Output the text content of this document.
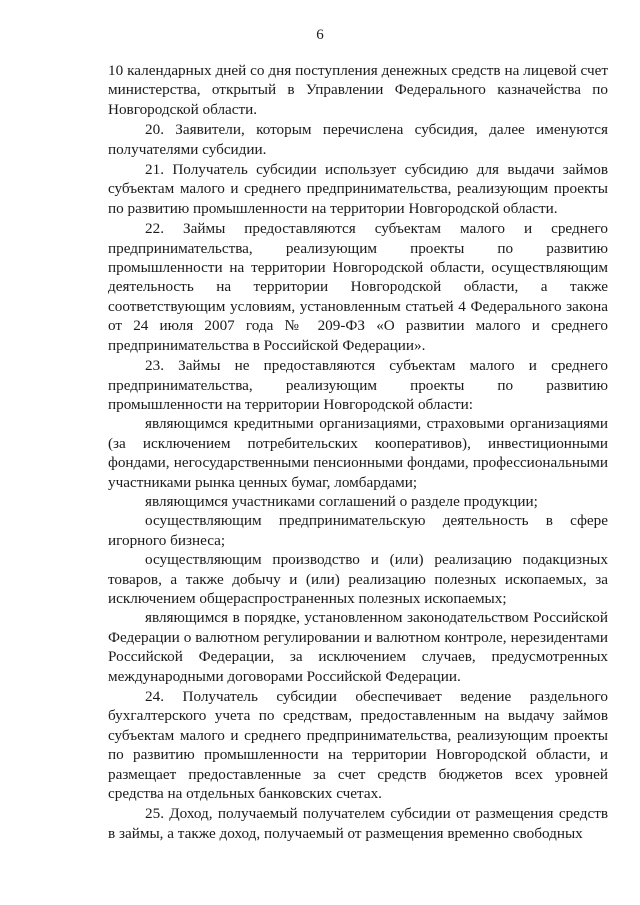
6

10 календарных дней со дня поступления денежных средств на лицевой счет министерства, открытый в Управлении Федерального казначейства по Новгородской области.

20. Заявители, которым перечислена субсидия, далее именуются получателями субсидии.

21. Получатель субсидии использует субсидию для выдачи займов субъектам малого и среднего предпринимательства, реализующим проекты по развитию промышленности на территории Новгородской области.

22. Займы предоставляются субъектам малого и среднего предпринимательства, реализующим проекты по развитию промышленности на территории Новгородской области, осуществляющим деятельность на территории Новгородской области, а также соответствующим условиям, установленным статьей 4 Федерального закона от 24 июля 2007 года № 209-ФЗ «О развитии малого и среднего предпринимательства в Российской Федерации».

23. Займы не предоставляются субъектам малого и среднего предпринимательства, реализующим проекты по развитию промышленности на территории Новгородской области:

являющимся кредитными организациями, страховыми организациями (за исключением потребительских кооперативов), инвестиционными фондами, негосударственными пенсионными фондами, профессиональными участниками рынка ценных бумаг, ломбардами;

являющимся участниками соглашений о разделе продукции;

осуществляющим предпринимательскую деятельность в сфере игорного бизнеса;

осуществляющим производство и (или) реализацию подакцизных товаров, а также добычу и (или) реализацию полезных ископаемых, за исключением общераспространенных полезных ископаемых;

являющимся в порядке, установленном законодательством Российской Федерации о валютном регулировании и валютном контроле, нерезидентами Российской Федерации, за исключением случаев, предусмотренных международными договорами Российской Федерации.

24. Получатель субсидии обеспечивает ведение раздельного бухгалтерского учета по средствам, предоставленным на выдачу займов субъектам малого и среднего предпринимательства, реализующим проекты по развитию промышленности на территории Новгородской области, и размещает предоставленные за счет средств бюджетов всех уровней средства на отдельных банковских счетах.

25. Доход, получаемый получателем субсидии от размещения средств в займы, а также доход, получаемый от размещения временно свободных
